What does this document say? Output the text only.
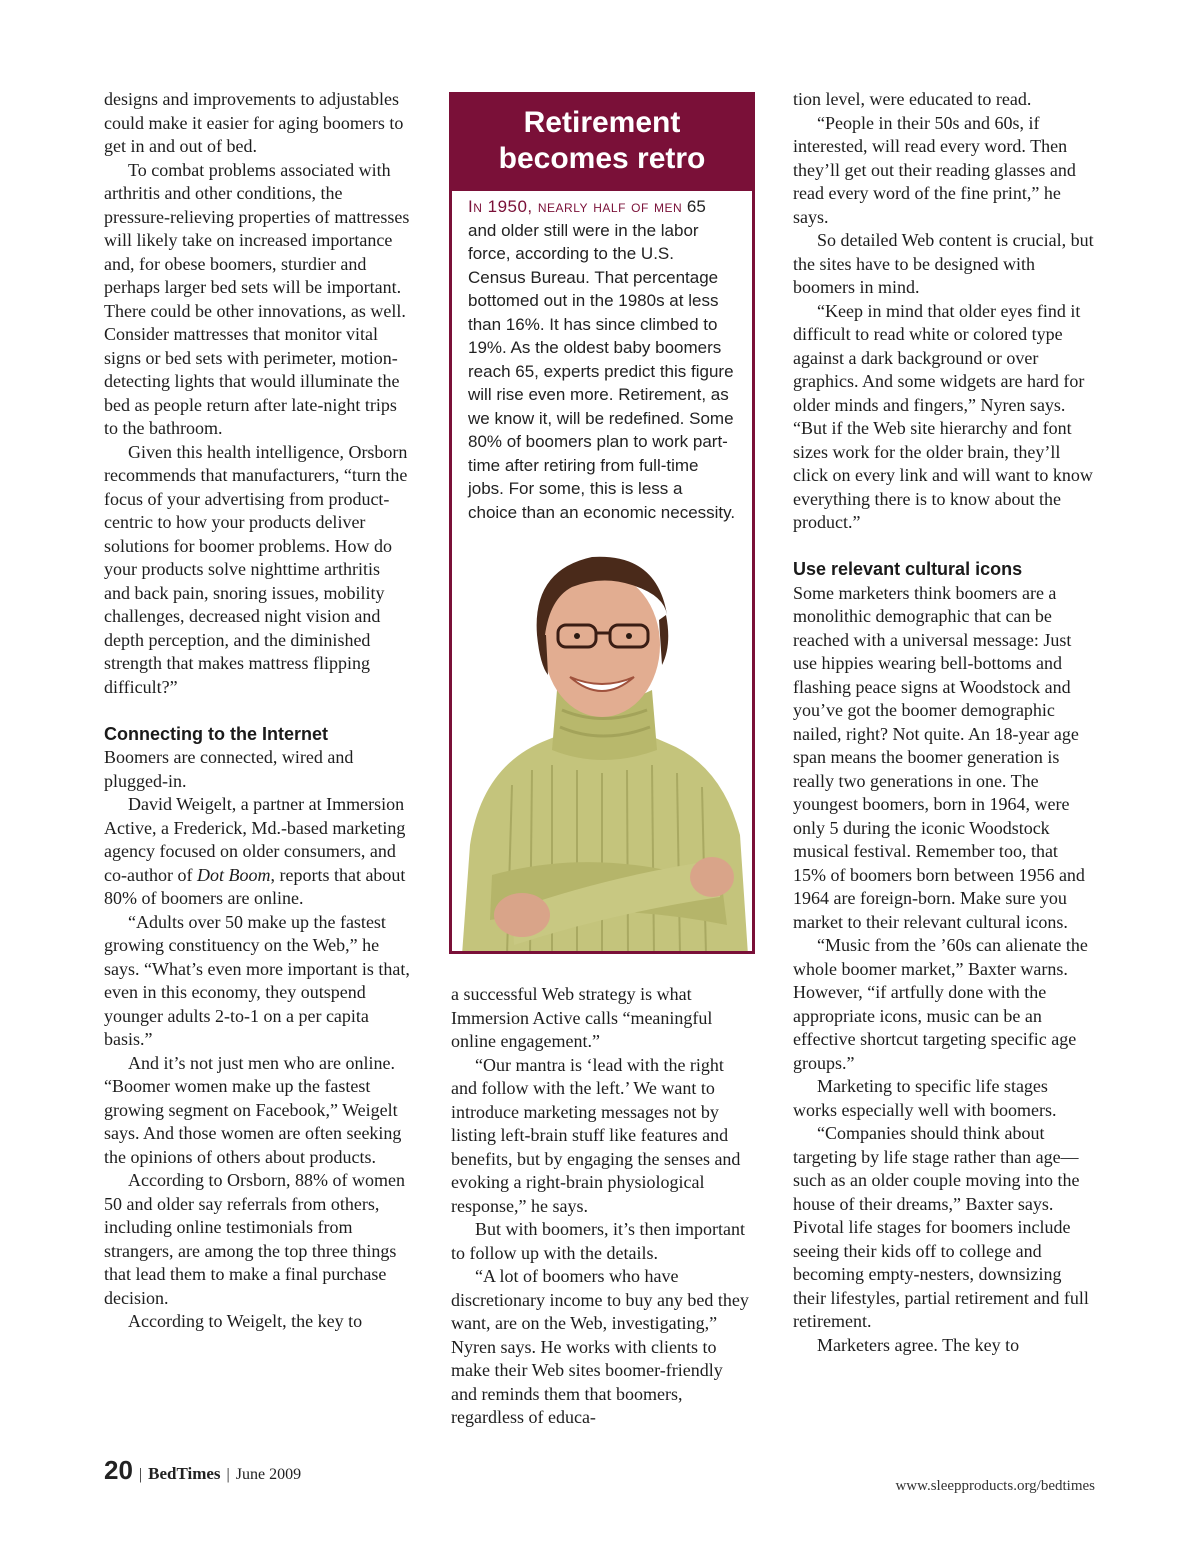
designs and improvements to adjustables could make it easier for aging boomers to get in and out of bed.

To combat problems associated with arthritis and other conditions, the pressure-relieving properties of mattresses will likely take on increased importance and, for obese boomers, sturdier and perhaps larger bed sets will be important. There could be other innovations, as well. Consider mattresses that monitor vital signs or bed sets with perimeter, motion-detecting lights that would illuminate the bed as people return after late-night trips to the bathroom.

Given this health intelligence, Orsborn recommends that manufacturers, “turn the focus of your advertising from product-centric to how your products deliver solutions for boomer problems. How do your products solve nighttime arthritis and back pain, snoring issues, mobility challenges, decreased night vision and depth perception, and the diminished strength that makes mattress flipping difficult?”

Connecting to the Internet

Boomers are connected, wired and plugged-in.

David Weigelt, a partner at Immersion Active, a Frederick, Md.-based marketing agency focused on older consumers, and co-author of Dot Boom, reports that about 80% of boomers are online.

“Adults over 50 make up the fastest growing constituency on the Web,” he says. “What’s even more important is that, even in this economy, they outspend younger adults 2-to-1 on a per capita basis.”

And it’s not just men who are online. “Boomer women make up the fastest growing segment on Facebook,” Weigelt says. And those women are often seeking the opinions of others about products.

According to Orsborn, 88% of women 50 and older say referrals from others, including online testimonials from strangers, are among the top three things that lead them to make a final purchase decision.

According to Weigelt, the key to

Retirement
becomes retro
In 1950, nearly half of men 65 and older still were in the labor force, according to the U.S. Census Bureau. That percentage bottomed out in the 1980s at less than 16%. It has since climbed to 19%. As the oldest baby boomers reach 65, experts predict this figure will rise even more. Retirement, as we know it, will be redefined. Some 80% of boomers plan to work part-time after retiring from full-time jobs. For some, this is less a choice than an economic necessity.

a successful Web strategy is what Immersion Active calls “meaningful online engagement.”

“Our mantra is ‘lead with the right and follow with the left.’ We want to introduce marketing messages not by listing left-brain stuff like features and benefits, but by engaging the senses and evoking a right-brain physiological response,” he says.

But with boomers, it’s then important to follow up with the details.

“A lot of boomers who have discretionary income to buy any bed they want, are on the Web, investigating,” Nyren says. He works with clients to make their Web sites boomer-friendly and reminds them that boomers, regardless of educa-

tion level, were educated to read.

“People in their 50s and 60s, if interested, will read every word. Then they’ll get out their reading glasses and read every word of the fine print,” he says.

So detailed Web content is crucial, but the sites have to be designed with boomers in mind.

“Keep in mind that older eyes find it difficult to read white or colored type against a dark background or over graphics. And some widgets are hard for older minds and fingers,” Nyren says. “But if the Web site hierarchy and font sizes work for the older brain, they’ll click on every link and will want to know everything there is to know about the product.”

Use relevant cultural icons

Some marketers think boomers are a monolithic demographic that can be reached with a universal message: Just use hippies wearing bell-bottoms and flashing peace signs at Woodstock and you’ve got the boomer demographic nailed, right? Not quite. An 18-year age span means the boomer generation is really two generations in one. The youngest boomers, born in 1964, were only 5 during the iconic Woodstock musical festival. Remember too, that 15% of boomers born between 1956 and 1964 are foreign-born. Make sure you market to their relevant cultural icons.

“Music from the ’60s can alienate the whole boomer market,” Baxter warns. However, “if artfully done with the appropriate icons, music can be an effective shortcut targeting specific age groups.”

Marketing to specific life stages works especially well with boomers.

“Companies should think about targeting by life stage rather than age—such as an older couple moving into the house of their dreams,” Baxter says. Pivotal life stages for boomers include seeing their kids off to college and becoming empty-nesters, downsizing their lifestyles, partial retirement and full retirement.

Marketers agree. The key to

20 | BedTimes | June 2009
www.sleepproducts.org/bedtimes
